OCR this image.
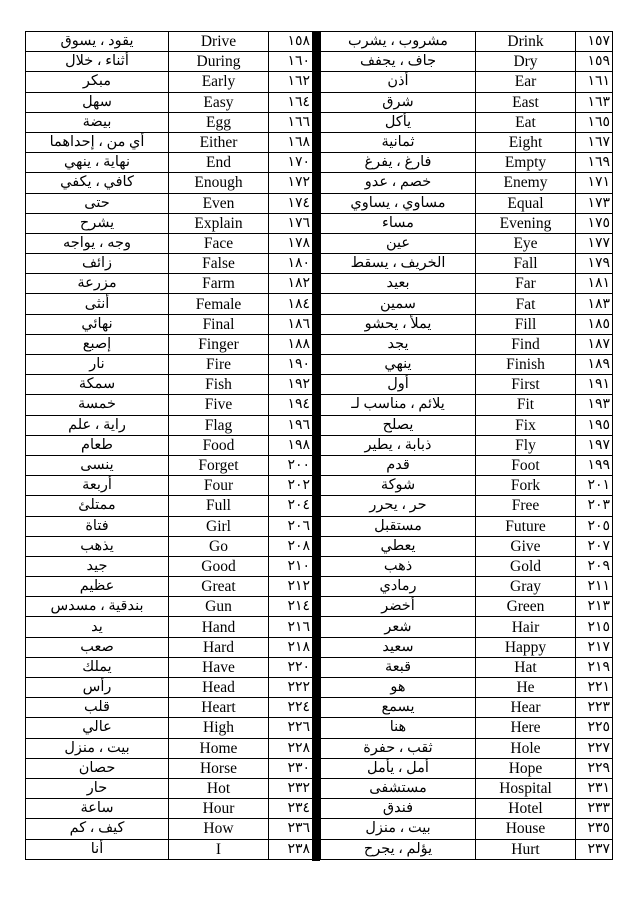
يقود ، يسوق	Drive	١٥٨
أثناء ، خلال	During	١٦٠
مبكر	Early	١٦٢
سهل	Easy	١٦٤
بيضة	Egg	١٦٦
أي من ، إحداهما	Either	١٦٨
نهاية ، ينهي	End	١٧٠
كافي ، يكفي	Enough	١٧٢
حتى	Even	١٧٤
يشرح	Explain	١٧٦
وجه ، يواجه	Face	١٧٨
زائف	False	١٨٠
مزرعة	Farm	١٨٢
أنثى	Female	١٨٤
نهائي	Final	١٨٦
إصبع	Finger	١٨٨
نار	Fire	١٩٠
سمكة	Fish	١٩٢
خمسة	Five	١٩٤
راية ، علم	Flag	١٩٦
طعام	Food	١٩٨
ينسى	Forget	٢٠٠
أربعة	Four	٢٠٢
ممتلئ	Full	٢٠٤
فتاة	Girl	٢٠٦
يذهب	Go	٢٠٨
جيد	Good	٢١٠
عظيم	Great	٢١٢
بندقية ، مسدس	Gun	٢١٤
يد	Hand	٢١٦
صعب	Hard	٢١٨
يملك	Have	٢٢٠
رأس	Head	٢٢٢
قلب	Heart	٢٢٤
عالي	High	٢٢٦
بيت ، منزل	Home	٢٢٨
حصان	Horse	٢٣٠
حار	Hot	٢٣٢
ساعة	Hour	٢٣٤
كيف ، كم	How	٢٣٦
أنا	I	٢٣٨
مشروب ، يشرب	Drink	١٥٧
جاف ، يجفف	Dry	١٥٩
أذن	Ear	١٦١
شرق	East	١٦٣
يأكل	Eat	١٦٥
ثمانية	Eight	١٦٧
فارغ ، يفرغ	Empty	١٦٩
خصم ، عدو	Enemy	١٧١
مساوي ، يساوي	Equal	١٧٣
مساء	Evening	١٧٥
عين	Eye	١٧٧
الخريف ، يسقط	Fall	١٧٩
بعيد	Far	١٨١
سمين	Fat	١٨٣
يملأ ، يحشو	Fill	١٨٥
يجد	Find	١٨٧
ينهي	Finish	١٨٩
أول	First	١٩١
يلائم ، مناسب لـ	Fit	١٩٣
يصلح	Fix	١٩٥
ذبابة ، يطير	Fly	١٩٧
قدم	Foot	١٩٩
شوكة	Fork	٢٠١
حر ، يحرر	Free	٢٠٣
مستقبل	Future	٢٠٥
يعطي	Give	٢٠٧
ذهب	Gold	٢٠٩
رمادي	Gray	٢١١
أخضر	Green	٢١٣
شعر	Hair	٢١٥
سعيد	Happy	٢١٧
قبعة	Hat	٢١٩
هو	He	٢٢١
يسمع	Hear	٢٢٣
هنا	Here	٢٢٥
ثقب ، حفرة	Hole	٢٢٧
أمل ، يأمل	Hope	٢٢٩
مستشفى	Hospital	٢٣١
فندق	Hotel	٢٣٣
بيت ، منزل	House	٢٣٥
يؤلم ، يجرح	Hurt	٢٣٧
